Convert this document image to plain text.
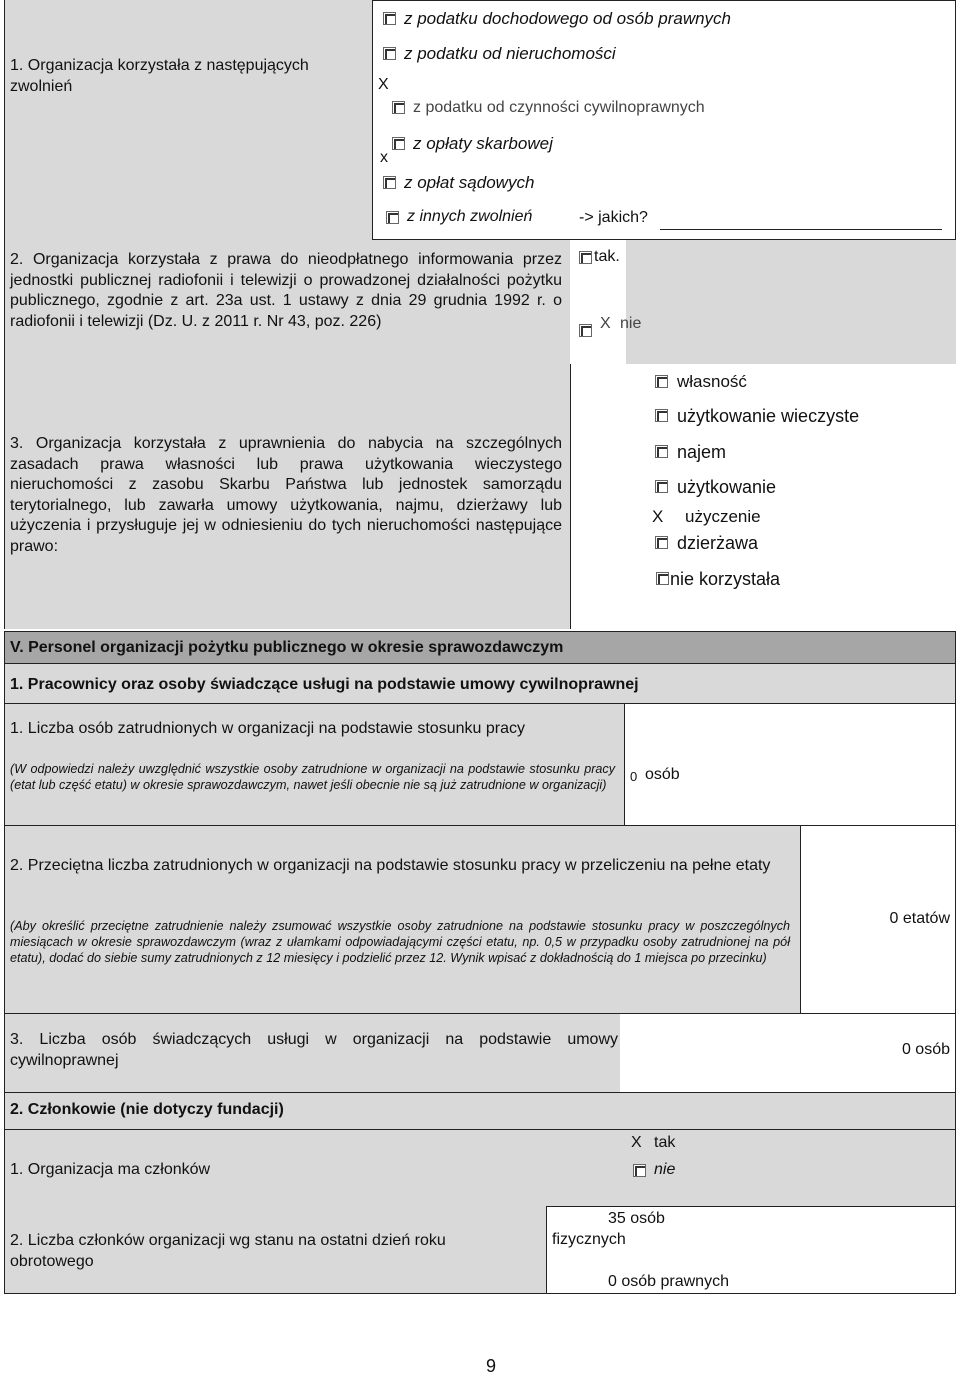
1. Organizacja korzystała z następujących zwolnień
z podatku dochodowego od osób prawnych
z podatku od nieruchomości
X
z podatku od czynności cywilnoprawnych
z opłaty skarbowej
x
z opłat sądowych
z innych zwolnień	-> jakich?
2. Organizacja korzystała z prawa do nieodpłatnego informowania przez jednostki publicznej radiofonii i telewizji o prowadzonej działalności pożytku publicznego, zgodnie z art. 23a ust. 1 ustawy z dnia 29 grudnia 1992 r. o radiofonii i telewizji (Dz. U. z 2011 r. Nr 43, poz. 226)
tak.
X nie
3. Organizacja korzystała z uprawnienia do nabycia na szczególnych zasadach prawa własności lub prawa użytkowania wieczystego nieruchomości z zasobu Skarbu Państwa lub jednostek samorządu terytorialnego, lub zawarła umowy użytkowania, najmu, dzierżawy lub użyczenia i przysługuje jej w odniesieniu do tych nieruchomości następujące prawo:
własność
użytkowanie wieczyste
najem
użytkowanie
X użyczenie
dzierżawa
nie korzystała
V. Personel organizacji pożytku publicznego w okresie sprawozdawczym
1. Pracownicy oraz osoby świadczące usługi na podstawie umowy cywilnoprawnej
1. Liczba osób zatrudnionych w organizacji na podstawie stosunku pracy
(W odpowiedzi należy uwzględnić wszystkie osoby zatrudnione w organizacji na podstawie stosunku pracy (etat lub część etatu) w okresie sprawozdawczym, nawet jeśli obecnie nie są już zatrudnione w organizacji)
0 osób
2. Przeciętna liczba zatrudnionych w organizacji na podstawie stosunku pracy w przeliczeniu na pełne etaty
(Aby określić przeciętne zatrudnienie należy zsumować wszystkie osoby zatrudnione na podstawie stosunku pracy w poszczególnych miesiącach w okresie sprawozdawczym (wraz z ułamkami odpowiadającymi części etatu, np. 0,5 w przypadku osoby zatrudnionej na pół etatu), dodać do siebie sumy zatrudnionych z 12 miesięcy i podzielić przez 12. Wynik wpisać z dokładnością do 1 miejsca po przecinku)
0 etatów
3. Liczba osób świadczących usługi w organizacji na podstawie umowy cywilnoprawnej
0 osób
2. Członkowie (nie dotyczy fundacji)
1. Organizacja ma członków
X tak
nie
2. Liczba członków organizacji wg stanu na ostatni dzień roku obrotowego
35 osób
fizycznych
0 osób prawnych
9
